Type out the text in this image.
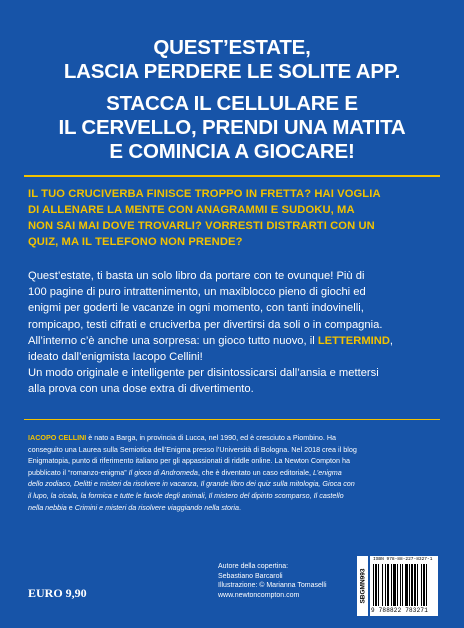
QUEST’ESTATE,
LASCIA PERDERE LE SOLITE APP.
STACCA IL CELLULARE E
IL CERVELLO, PRENDI UNA MATITA
E COMINCIA A GIOCARE!
IL TUO CRUCIVERBA FINISCE TROPPO IN FRETTA? HAI VOGLIA
DI ALLENARE LA MENTE CON ANAGRAMMI E SUDOKU, MA
NON SAI MAI DOVE TROVARLI? VORRESTI DISTRARTI CON UN
QUIZ, MA IL TELEFONO NON PRENDE?
Quest’estate, ti basta un solo libro da portare con te ovunque! Più di
100 pagine di puro intrattenimento, un maxiblocco pieno di giochi ed
enigmi per goderti le vacanze in ogni momento, con tanti indovinelli,
rompicapo, testi cifrati e cruciverba per divertirsi da soli o in compagnia.
All’interno c’è anche una sorpresa: un gioco tutto nuovo, il LETTERMIND,
ideato dall’enigmista Iacopo Cellini!
Un modo originale e intelligente per disintossicarsi dall’ansia e mettersi
alla prova con una dose extra di divertimento.
IACOPO CELLINI è nato a Barga, in provincia di Lucca, nel 1990, ed è cresciuto a Piombino. Ha
conseguito una Laurea sulla Semiotica dell’Enigma presso l’Università di Bologna. Nel 2018 crea il blog
Enigmatopia, punto di riferimento italiano per gli appassionati di riddle online. La Newton Compton ha
pubblicato il “romanzo-enigma” Il gioco di Andromeda, che è diventato un caso editoriale, L’enigma
dello zodiaco, Delitti e misteri da risolvere in vacanza, Il grande libro dei quiz sulla mitologia, Gioca con
il lupo, la cicala, la formica e tutte le favole degli animali, Il mistero del dipinto scomparso, Il castello
nella nebbia e Crimini e misteri da risolvere viaggiando nella storia.
EURO 9,90
Autore della copertina:
Sebastiano Barcaroli
Illustrazione: © Marianna Tomaselli
www.newtoncompton.com	SBGMN993
ISBN 978-88-227-8327-1
9 788822 783271
